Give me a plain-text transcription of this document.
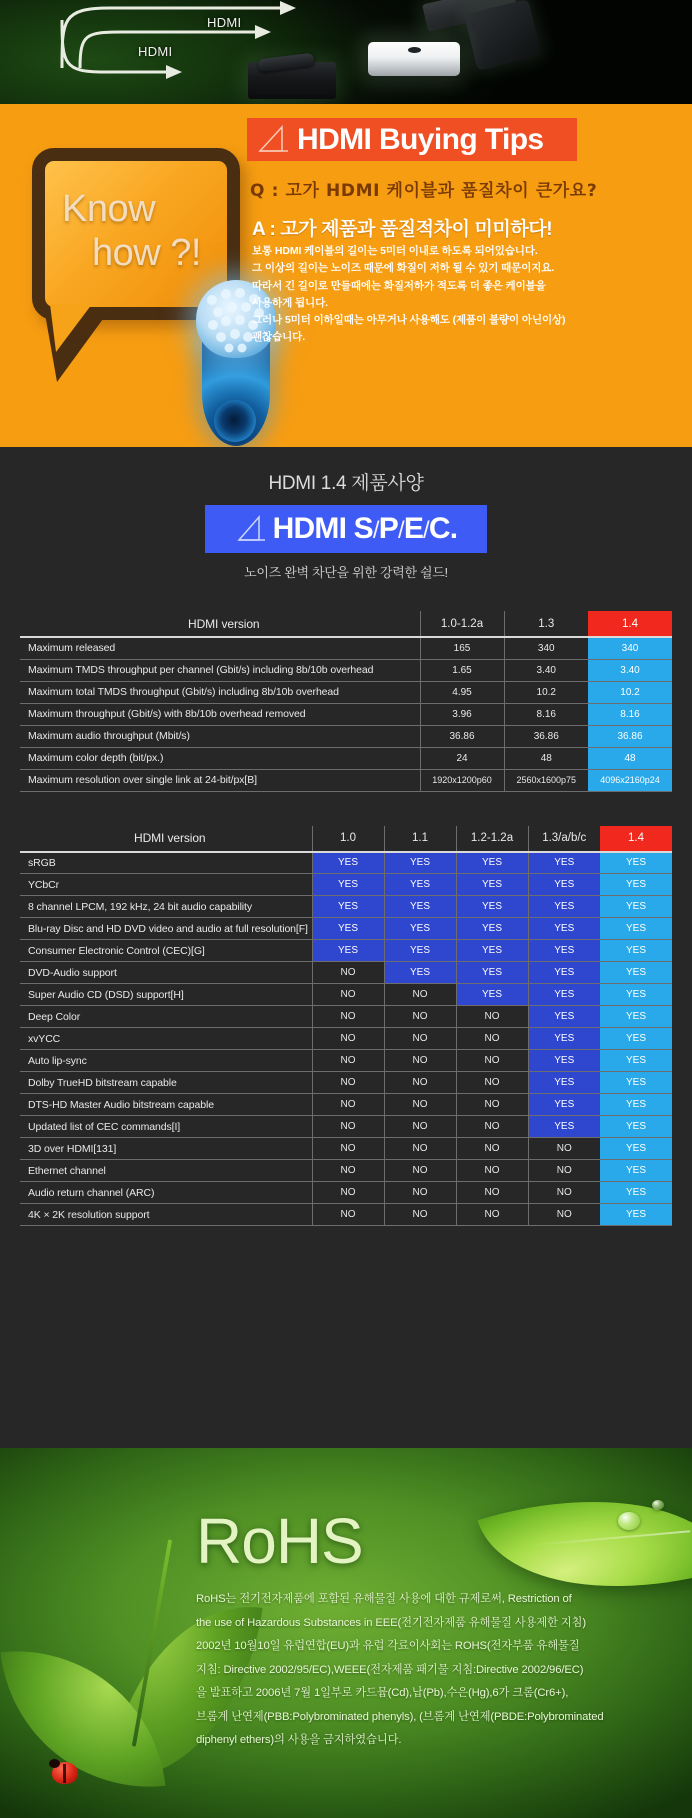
HDMI
HDMI
Know
how ?!
HDMI Buying Tips
Q : 고가 HDMI 케이블과 품질차이 큰가요?
A : 고가 제품과 품질적차이 미미하다!
보통 HDMI 케이블의 길이는 5미터 이내로 하도록 되어있습니다.
그 이상의 길이는 노이즈 때문에 화질이 저하 될 수 있기 때문이지요.
따라서 긴 길이로 만들때에는 화질저하가 적도록 더 좋은 케이블을
사용하게 됩니다.
그러나 5미터 이하일때는 아무거나 사용해도 (제품이 불량이 아닌이상)
괜찮습니다.
HDMI 1.4 제품사양
HDMI S/P/E/C.
노이즈 완벽 차단을 위한 강력한 쉴드!
HDMI version	1.0-1.2a	1.3	1.4
Maximum released	165	340	340
Maximum TMDS throughput per channel (Gbit/s) including 8b/10b overhead	1.65	3.40	3.40
Maximum total TMDS throughput (Gbit/s) including 8b/10b overhead	4.95	10.2	10.2
Maximum throughput (Gbit/s) with 8b/10b overhead removed	3.96	8.16	8.16
Maximum audio throughput (Mbit/s)	36.86	36.86	36.86
Maximum color depth (bit/px.)	24	48	48
Maximum resolution over single link at 24-bit/px[B]	1920x1200p60	2560x1600p75	4096x2160p24
HDMI version	1.0	1.1	1.2-1.2a	1.3/a/b/c	1.4
sRGB	YES	YES	YES	YES	YES
YCbCr	YES	YES	YES	YES	YES
8 channel LPCM, 192 kHz, 24 bit audio capability	YES	YES	YES	YES	YES
Blu-ray Disc and HD DVD video and audio at full resolution[F]	YES	YES	YES	YES	YES
Consumer Electronic Control (CEC)[G]	YES	YES	YES	YES	YES
DVD-Audio support	NO	YES	YES	YES	YES
Super Audio CD (DSD) support[H]	NO	NO	YES	YES	YES
Deep Color	NO	NO	NO	YES	YES
xvYCC	NO	NO	NO	YES	YES
Auto lip-sync	NO	NO	NO	YES	YES
Dolby TrueHD bitstream capable	NO	NO	NO	YES	YES
DTS-HD Master Audio bitstream capable	NO	NO	NO	YES	YES
Updated list of CEC commands[I]	NO	NO	NO	YES	YES
3D over HDMI[131]	NO	NO	NO	NO	YES
Ethernet channel	NO	NO	NO	NO	YES
Audio return channel (ARC)	NO	NO	NO	NO	YES
4K × 2K resolution support	NO	NO	NO	NO	YES
RoHS
RoHS는 전기전자제품에 포함된 유해물질 사용에 대한 규제로써, Restriction of
the use of Hazardous Substances in EEE(전기전자제품 유해물질 사용제한 지침)
2002년 10월10일 유럽연합(EU)과 유럽 각료이사회는 ROHS(전자부품 유해물질
지침: Directive 2002/95/EC),WEEE(전자제품 패기물 지침:Directive 2002/96/EC)
을 발표하고 2006년 7월 1일부로 카드뮴(Cd),납(Pb),수은(Hg),6가 크롬(Cr6+),
브롬계 난연제(PBB:Polybrominated phenyls), (브롬계 난연제(PBDE:Polybrominated
diphenyl ethers)의 사용을 금지하였습니다.
